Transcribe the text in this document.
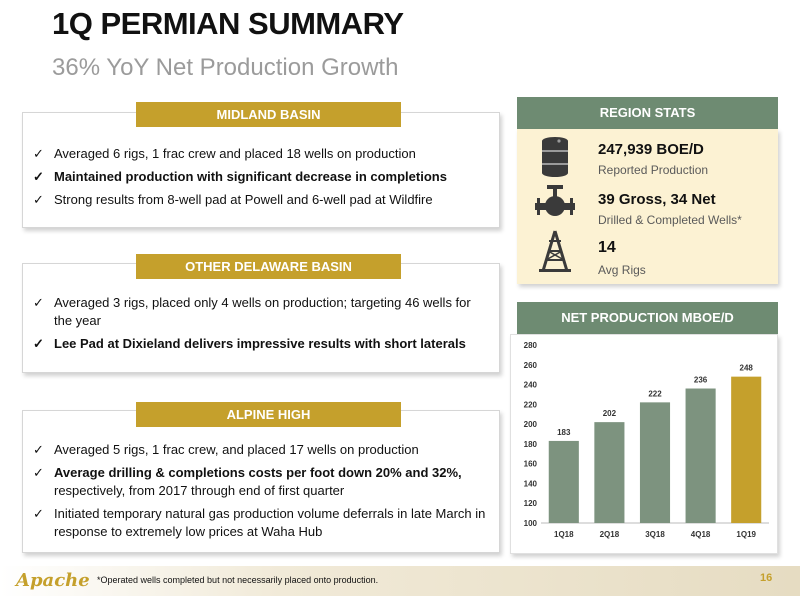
1Q PERMIAN SUMMARY
36% YoY Net Production Growth
✓ Averaged 6 rigs, 1 frac crew and placed 18 wells on production
✓ Maintained production with significant decrease in completions
✓ Strong results from 8-well pad at Powell and 6-well pad at Wildfire
MIDLAND BASIN
✓ Averaged 3 rigs, placed only 4 wells on production; targeting 46 wells for the year
✓ Lee Pad at Dixieland delivers impressive results with short laterals
OTHER DELAWARE BASIN
✓ Averaged 5 rigs, 1 frac crew, and placed 17 wells on production
✓ Average drilling & completions costs per foot down 20% and 32%, respectively, from 2017 through end of first quarter
✓ Initiated temporary natural gas production volume deferrals in late March in response to extremely low prices at Waha Hub
ALPINE HIGH
REGION STATS
247,939 BOE/D
Reported Production
39 Gross, 34 Net
Drilled & Completed Wells*
14
Avg Rigs
NET PRODUCTION MBOE/D
100
120
140
160
180
200
220
240
260
280
183
1Q18
202
2Q18
222
3Q18
236
4Q18
248
1Q19
Apache *Operated wells completed but not necessarily placed onto production.	16
